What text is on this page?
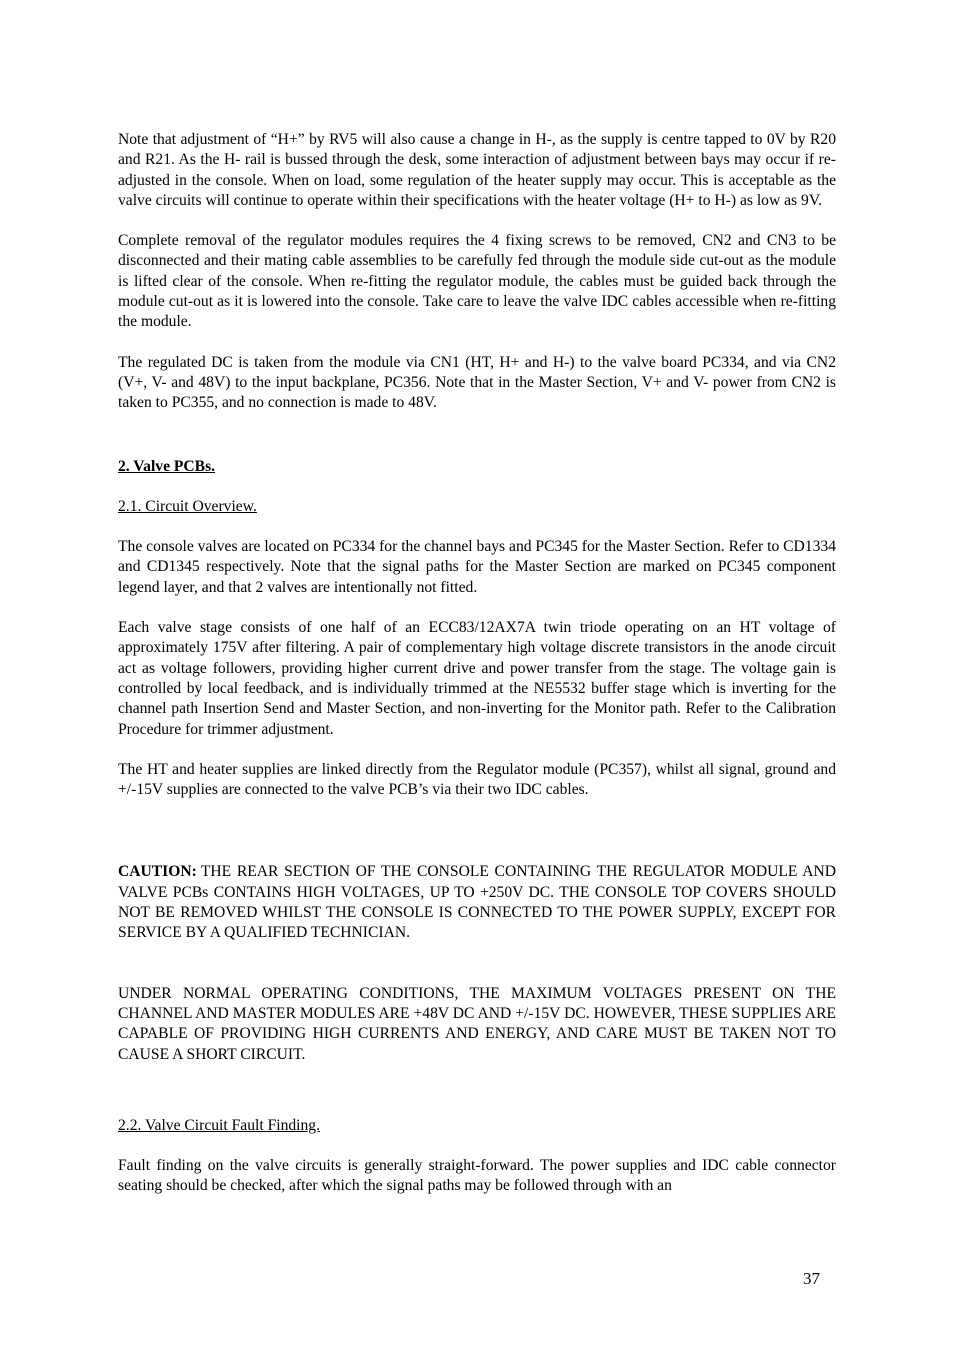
Note that adjustment of “H+” by RV5 will also cause a change in H-, as the supply is centre tapped to 0V by R20 and R21. As the H- rail is bussed through the desk, some interaction of adjustment between bays may occur if re-adjusted in the console. When on load, some regulation of the heater supply may occur. This is acceptable as the valve circuits will continue to operate within their specifications with the heater voltage (H+ to H-) as low as 9V.

Complete removal of the regulator modules requires the 4 fixing screws to be removed, CN2 and CN3 to be disconnected and their mating cable assemblies to be carefully fed through the module side cut-out as the module is lifted clear of the console. When re-fitting the regulator module, the cables must be guided back through the module cut-out as it is lowered into the console. Take care to leave the valve IDC cables accessible when re-fitting the module.

The regulated DC is taken from the module via CN1 (HT, H+ and H-) to the valve board PC334, and via CN2 (V+, V- and 48V) to the input backplane, PC356. Note that in the Master Section, V+ and V- power from CN2 is taken to PC355, and no connection is made to 48V.

2. Valve PCBs.

2.1. Circuit Overview.

The console valves are located on PC334 for the channel bays and PC345 for the Master Section. Refer to CD1334 and CD1345 respectively. Note that the signal paths for the Master Section are marked on PC345 component legend layer, and that 2 valves are intentionally not fitted.

Each valve stage consists of one half of an ECC83/12AX7A twin triode operating on an HT voltage of approximately 175V after filtering. A pair of complementary high voltage discrete transistors in the anode circuit act as voltage followers, providing higher current drive and power transfer from the stage. The voltage gain is controlled by local feedback, and is individually trimmed at the NE5532 buffer stage which is inverting for the channel path Insertion Send and Master Section, and non-inverting for the Monitor path. Refer to the Calibration Procedure for trimmer adjustment.

The HT and heater supplies are linked directly from the Regulator module (PC357), whilst all signal, ground and +/-15V supplies are connected to the valve PCB’s via their two IDC cables.

CAUTION: THE REAR SECTION OF THE CONSOLE CONTAINING THE REGULATOR MODULE AND VALVE PCBs CONTAINS HIGH VOLTAGES, UP TO +250V DC. THE CONSOLE TOP COVERS SHOULD NOT BE REMOVED WHILST THE CONSOLE IS CONNECTED TO THE POWER SUPPLY, EXCEPT FOR SERVICE BY A QUALIFIED TECHNICIAN.

UNDER NORMAL OPERATING CONDITIONS, THE MAXIMUM VOLTAGES PRESENT ON THE CHANNEL AND MASTER MODULES ARE +48V DC AND +/-15V DC. HOWEVER, THESE SUPPLIES ARE CAPABLE OF PROVIDING HIGH CURRENTS AND ENERGY, AND CARE MUST BE TAKEN NOT TO CAUSE A SHORT CIRCUIT.

2.2. Valve Circuit Fault Finding.

Fault finding on the valve circuits is generally straight-forward. The power supplies and IDC cable connector seating should be checked, after which the signal paths may be followed through with an

37
